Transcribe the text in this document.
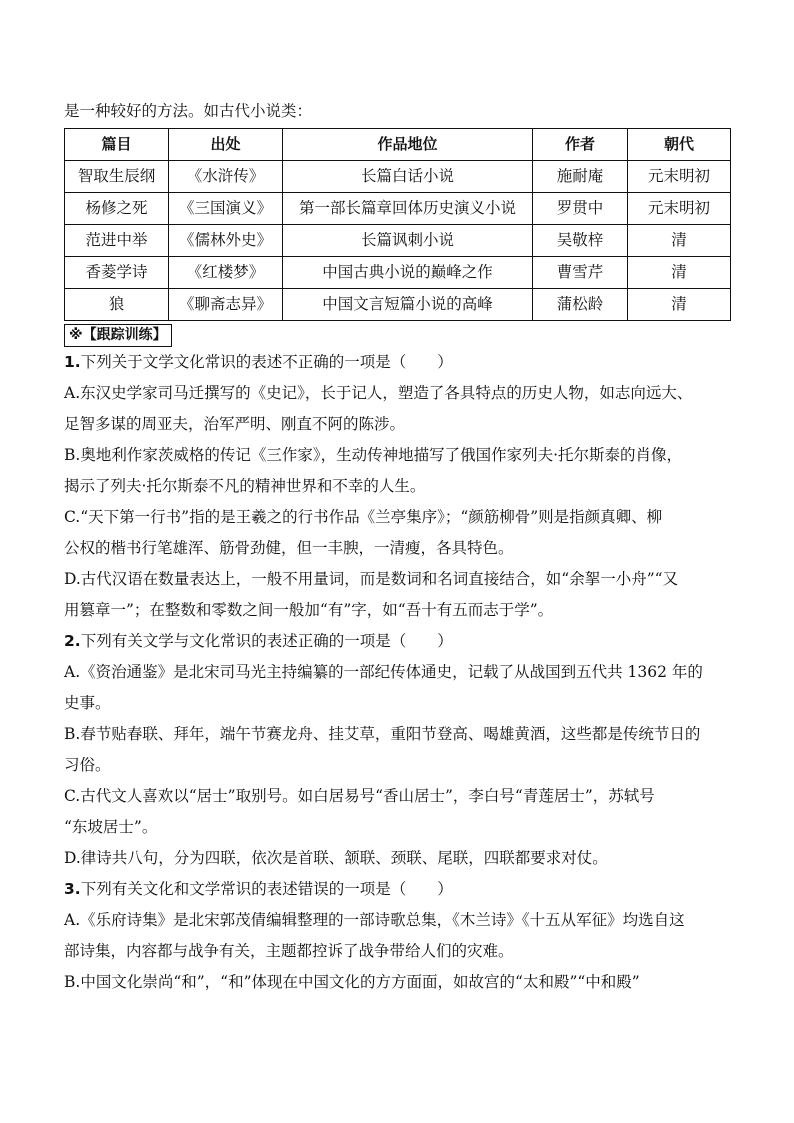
是一种较好的方法。如古代小说类：
篇目	出处	作品地位	作者	朝代
智取生辰纲	《水浒传》	长篇白话小说	施耐庵	元末明初
杨修之死	《三国演义》	第一部长篇章回体历史演义小说	罗贯中	元末明初
范进中举	《儒林外史》	长篇讽刺小说	吴敬梓	清
香菱学诗	《红楼梦》	中国古典小说的巅峰之作	曹雪芹	清
狼	《聊斋志异》	中国文言短篇小说的高峰	蒲松龄	清
※【跟踪训练】
1.下列关于文学文化常识的表述不正确的一项是（　　）
A.东汉史学家司马迁撰写的《史记》，长于记人，塑造了各具特点的历史人物，如志向远大、
足智多谋的周亚夫，治军严明、刚直不阿的陈涉。
B.奥地利作家茨威格的传记《三作家》，生动传神地描写了俄国作家列夫·托尔斯泰的肖像，
揭示了列夫·托尔斯泰不凡的精神世界和不幸的人生。
C.“天下第一行书”指的是王羲之的行书作品《兰亭集序》；“颜筋柳骨”则是指颜真卿、柳
公权的楷书行笔雄浑、筋骨劲健，但一丰腴，一清瘦，各具特色。
D.古代汉语在数量表达上，一般不用量词，而是数词和名词直接结合，如“余挐一小舟”“又
用篡章一”；在整数和零数之间一般加“有”字，如“吾十有五而志于学”。
2.下列有关文学与文化常识的表述正确的一项是（　　）
A.《资治通鉴》是北宋司马光主持编纂的一部纪传体通史，记载了从战国到五代共 1362 年的
史事。
B.春节贴春联、拜年，端午节赛龙舟、挂艾草，重阳节登高、喝雄黄酒，这些都是传统节日的
习俗。
C.古代文人喜欢以“居士”取别号。如白居易号“香山居士”，李白号“青莲居士”，苏轼号
“东坡居士”。
D.律诗共八句，分为四联，依次是首联、颔联、颈联、尾联，四联都要求对仗。
3.下列有关文化和文学常识的表述错误的一项是（　　）
A.《乐府诗集》是北宋郭茂倩编辑整理的一部诗歌总集，《木兰诗》《十五从军征》均选自这
部诗集，内容都与战争有关，主题都控诉了战争带给人们的灾难。
B.中国文化崇尚“和”，“和”体现在中国文化的方方面面，如故宫的“太和殿”“中和殿”
